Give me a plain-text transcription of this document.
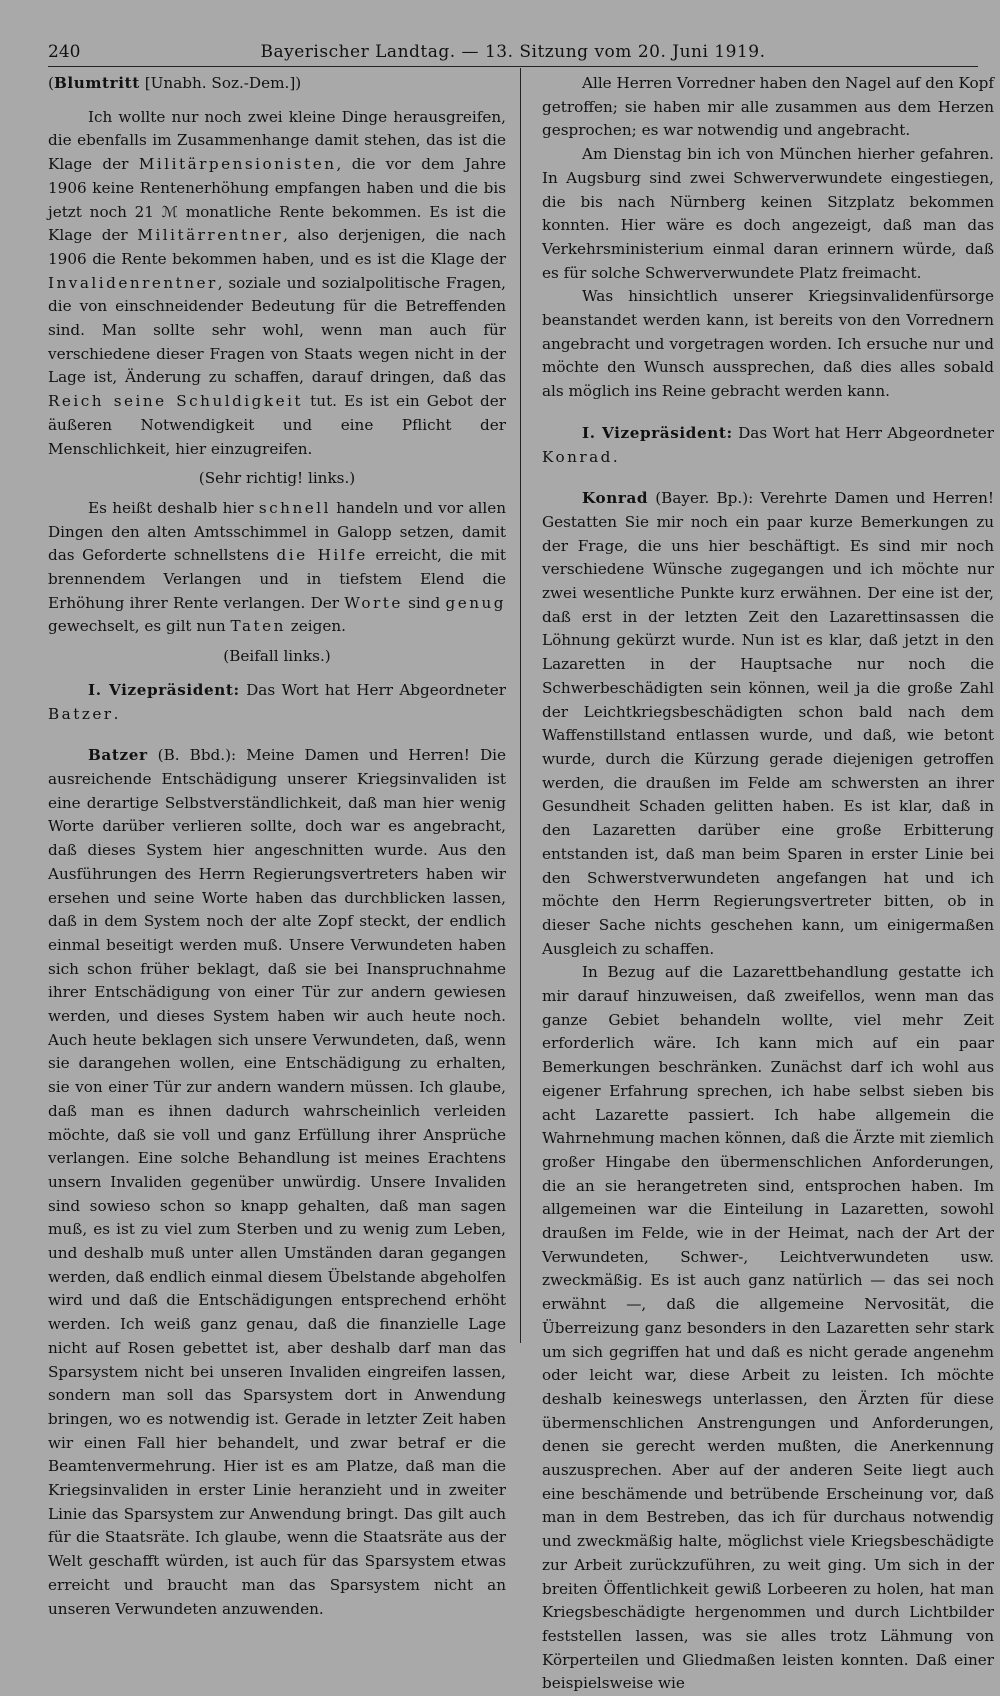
240	Bayerischer Landtag. — 13. Sitzung vom 20. Juni 1919.

(Blumtritt [Unabh. Soz.-Dem.])

Ich wollte nur noch zwei kleine Dinge herausgreifen, die ebenfalls im Zusammenhange damit stehen, das ist die Klage der Militärpensionisten, die vor dem Jahre 1906 keine Rentenerhöhung empfangen haben und die bis jetzt noch 21 ℳ monatliche Rente bekommen. Es ist die Klage der Militärrentner, also derjenigen, die nach 1906 die Rente bekommen haben, und es ist die Klage der Invalidenrentner, soziale und sozialpolitische Fragen, die von einschneidender Bedeutung für die Betreffenden sind. Man sollte sehr wohl, wenn man auch für verschiedene dieser Fragen von Staats wegen nicht in der Lage ist, Änderung zu schaffen, darauf dringen, daß das Reich seine Schuldigkeit tut. Es ist ein Gebot der äußeren Notwendigkeit und eine Pflicht der Menschlichkeit, hier einzugreifen.

(Sehr richtig! links.)

Es heißt deshalb hier schnell handeln und vor allen Dingen den alten Amtsschimmel in Galopp setzen, damit das Geforderte schnellstens die Hilfe erreicht, die mit brennendem Verlangen und in tiefstem Elend die Erhöhung ihrer Rente verlangen. Der Worte sind genug gewechselt, es gilt nun Taten zeigen.

(Beifall links.)

I. Vizepräsident: Das Wort hat Herr Abgeordneter Batzer.

Batzer (B. Bbd.): Meine Damen und Herren! Die ausreichende Entschädigung unserer Kriegsinvaliden ist eine derartige Selbstverständlichkeit, daß man hier wenig Worte darüber verlieren sollte, doch war es angebracht, daß dieses System hier angeschnitten wurde. Aus den Ausführungen des Herrn Regierungsvertreters haben wir ersehen und seine Worte haben das durchblicken lassen, daß in dem System noch der alte Zopf steckt, der endlich einmal beseitigt werden muß. Unsere Verwundeten haben sich schon früher beklagt, daß sie bei Inanspruchnahme ihrer Entschädigung von einer Tür zur andern gewiesen werden, und dieses System haben wir auch heute noch. Auch heute beklagen sich unsere Verwundeten, daß, wenn sie darangehen wollen, eine Entschädigung zu erhalten, sie von einer Tür zur andern wandern müssen. Ich glaube, daß man es ihnen dadurch wahrscheinlich verleiden möchte, daß sie voll und ganz Erfüllung ihrer Ansprüche verlangen. Eine solche Behandlung ist meines Erachtens unsern Invaliden gegenüber unwürdig. Unsere Invaliden sind sowieso schon so knapp gehalten, daß man sagen muß, es ist zu viel zum Sterben und zu wenig zum Leben, und deshalb muß unter allen Umständen daran gegangen werden, daß endlich einmal diesem Übelstande abgeholfen wird und daß die Entschädigungen entsprechend erhöht werden. Ich weiß ganz genau, daß die finanzielle Lage nicht auf Rosen gebettet ist, aber deshalb darf man das Sparsystem nicht bei unseren Invaliden eingreifen lassen, sondern man soll das Sparsystem dort in Anwendung bringen, wo es notwendig ist. Gerade in letzter Zeit haben wir einen Fall hier behandelt, und zwar betraf er die Beamtenvermehrung. Hier ist es am Platze, daß man die Kriegsinvaliden in erster Linie heranzieht und in zweiter Linie das Sparsystem zur Anwendung bringt. Das gilt auch für die Staatsräte. Ich glaube, wenn die Staatsräte aus der Welt geschafft würden, ist auch für das Sparsystem etwas erreicht und braucht man das Sparsystem nicht an unseren Verwundeten anzuwenden.

Alle Herren Vorredner haben den Nagel auf den Kopf getroffen; sie haben mir alle zusammen aus dem Herzen gesprochen; es war notwendig und angebracht.

Am Dienstag bin ich von München hierher gefahren. In Augsburg sind zwei Schwerverwundete eingestiegen, die bis nach Nürnberg keinen Sitzplatz bekommen konnten. Hier wäre es doch angezeigt, daß man das Verkehrsministerium einmal daran erinnern würde, daß es für solche Schwerverwundete Platz freimacht.

Was hinsichtlich unserer Kriegsinvalidenfürsorge beanstandet werden kann, ist bereits von den Vorrednern angebracht und vorgetragen worden. Ich ersuche nur und möchte den Wunsch aussprechen, daß dies alles sobald als möglich ins Reine gebracht werden kann.

I. Vizepräsident: Das Wort hat Herr Abgeordneter Konrad.

Konrad (Bayer. Bp.): Verehrte Damen und Herren! Gestatten Sie mir noch ein paar kurze Bemerkungen zu der Frage, die uns hier beschäftigt. Es sind mir noch verschiedene Wünsche zugegangen und ich möchte nur zwei wesentliche Punkte kurz erwähnen. Der eine ist der, daß erst in der letzten Zeit den Lazarettinsassen die Löhnung gekürzt wurde. Nun ist es klar, daß jetzt in den Lazaretten in der Hauptsache nur noch die Schwerbeschädigten sein können, weil ja die große Zahl der Leichtkriegsbeschädigten schon bald nach dem Waffenstillstand entlassen wurde, und daß, wie betont wurde, durch die Kürzung gerade diejenigen getroffen werden, die draußen im Felde am schwersten an ihrer Gesundheit Schaden gelitten haben. Es ist klar, daß in den Lazaretten darüber eine große Erbitterung entstanden ist, daß man beim Sparen in erster Linie bei den Schwerstverwundeten angefangen hat und ich möchte den Herrn Regierungsvertreter bitten, ob in dieser Sache nichts geschehen kann, um einigermaßen Ausgleich zu schaffen.

In Bezug auf die Lazarettbehandlung gestatte ich mir darauf hinzuweisen, daß zweifellos, wenn man das ganze Gebiet behandeln wollte, viel mehr Zeit erforderlich wäre. Ich kann mich auf ein paar Bemerkungen beschränken. Zunächst darf ich wohl aus eigener Erfahrung sprechen, ich habe selbst sieben bis acht Lazarette passiert. Ich habe allgemein die Wahrnehmung machen können, daß die Ärzte mit ziemlich großer Hingabe den übermenschlichen Anforderungen, die an sie herangetreten sind, entsprochen haben. Im allgemeinen war die Einteilung in Lazaretten, sowohl draußen im Felde, wie in der Heimat, nach der Art der Verwundeten, Schwer-, Leichtverwundeten usw. zweckmäßig. Es ist auch ganz natürlich — das sei noch erwähnt —, daß die allgemeine Nervosität, die Überreizung ganz besonders in den Lazaretten sehr stark um sich gegriffen hat und daß es nicht gerade angenehm oder leicht war, diese Arbeit zu leisten. Ich möchte deshalb keineswegs unterlassen, den Ärzten für diese übermenschlichen Anstrengungen und Anforderungen, denen sie gerecht werden mußten, die Anerkennung auszusprechen. Aber auf der anderen Seite liegt auch eine beschämende und betrübende Erscheinung vor, daß man in dem Bestreben, das ich für durchaus notwendig und zweckmäßig halte, möglichst viele Kriegsbeschädigte zur Arbeit zurückzuführen, zu weit ging. Um sich in der breiten Öffentlichkeit gewiß Lorbeeren zu holen, hat man Kriegsbeschädigte hergenommen und durch Lichtbilder feststellen lassen, was sie alles trotz Lähmung von Körperteilen und Gliedmaßen leisten konnten. Daß einer beispielsweise wie
